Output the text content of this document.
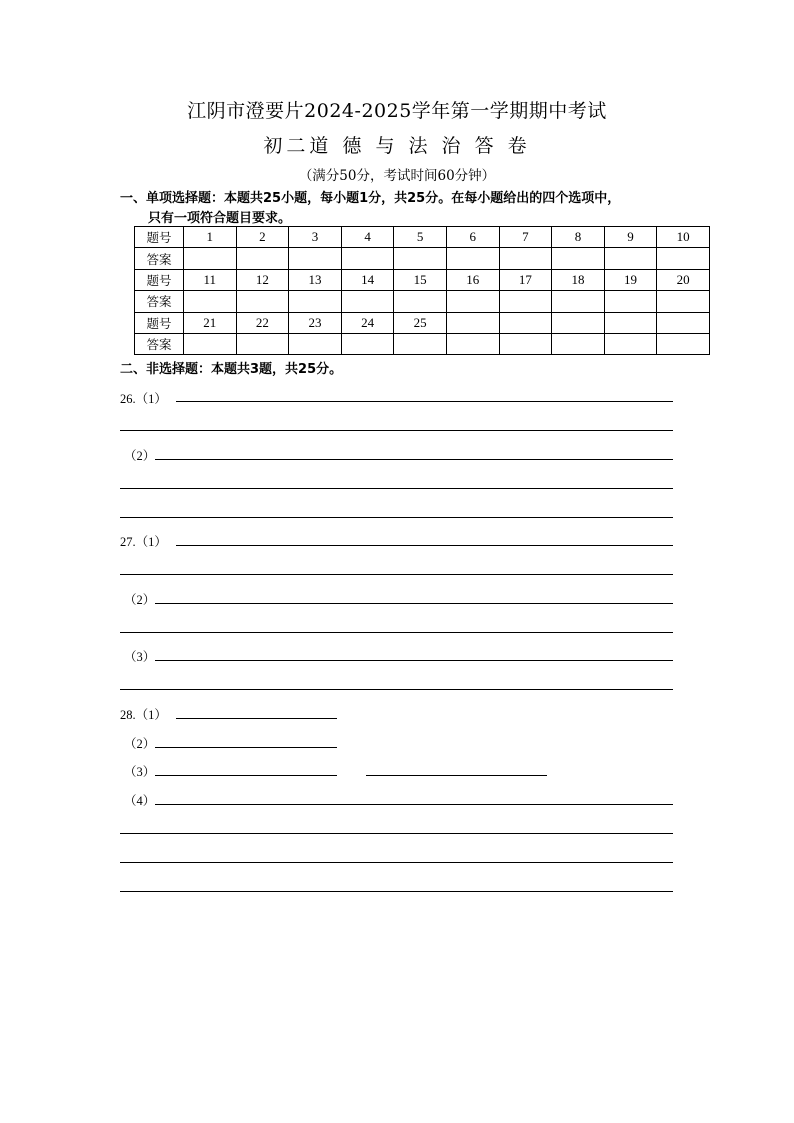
江阴市澄要片2024-2025学年第一学期期中考试
初二道 德 与 法 治 答 卷
（满分50分，考试时间60分钟）
一、单项选择题：本题共25小题，每小题1分，共25分。在每小题给出的四个选项中，
只有一项符合题目要求。
题号	1	2	3	4	5	6	7	8	9	10
答案										
题号	11	12	13	14	15	16	17	18	19	20
答案										
题号	21	22	23	24	25					
答案										
二、非选择题：本题共3题，共25分。
26.（1）
（2）
27.（1）
（2）
（3）
28.（1）
（2）
（3）
（4）
